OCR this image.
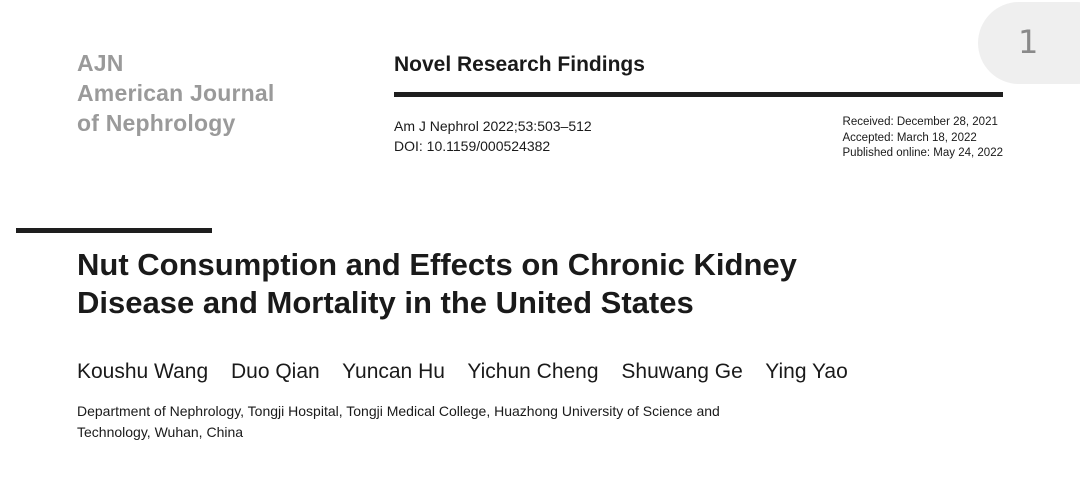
AJN
American Journal
of Nephrology
1
Novel Research Findings
Am J Nephrol 2022;53:503–512
DOI: 10.1159/000524382
Received: December 28, 2021
Accepted: March 18, 2022
Published online: May 24, 2022
Nut Consumption and Effects on Chronic Kidney
Disease and Mortality in the United States
Koushu Wang Duo Qian Yuncan Hu Yichun Cheng Shuwang Ge Ying Yao
Department of Nephrology, Tongji Hospital, Tongji Medical College, Huazhong University of Science and
Technology, Wuhan, China
